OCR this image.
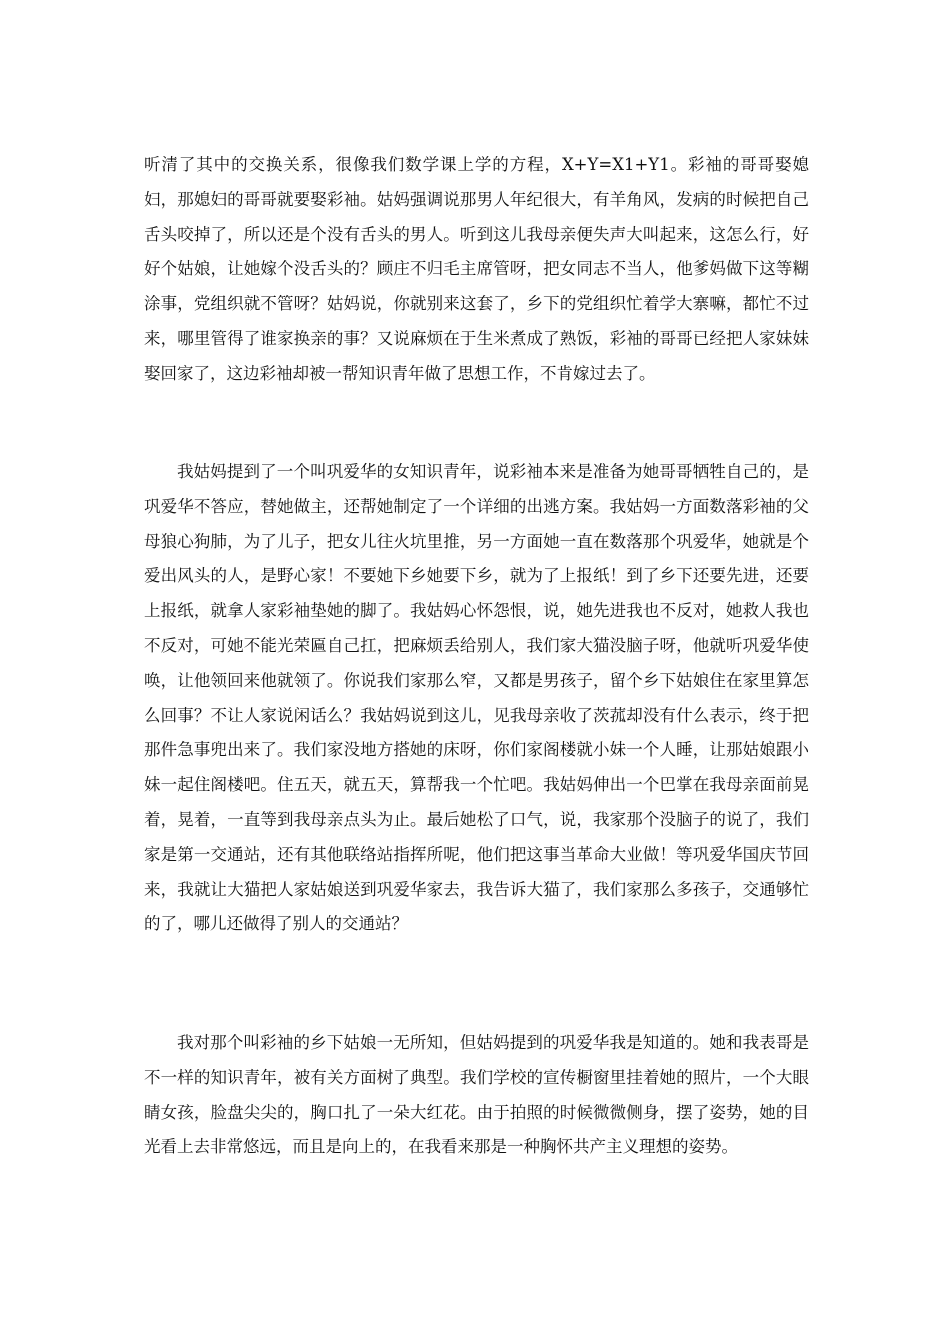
听清了其中的交换关系，很像我们数学课上学的方程，X+Y=X1+Y1。彩袖的哥哥娶媳妇，那媳妇的哥哥就要娶彩袖。姑妈强调说那男人年纪很大，有羊角风，发病的时候把自己舌头咬掉了，所以还是个没有舌头的男人。听到这儿我母亲便失声大叫起来，这怎么行，好好个姑娘，让她嫁个没舌头的？顾庄不归毛主席管呀，把女同志不当人，他爹妈做下这等糊涂事，党组织就不管呀？姑妈说，你就别来这套了，乡下的党组织忙着学大寨嘛，都忙不过来，哪里管得了谁家换亲的事？又说麻烦在于生米煮成了熟饭，彩袖的哥哥已经把人家妹妹娶回家了，这边彩袖却被一帮知识青年做了思想工作，不肯嫁过去了。

我姑妈提到了一个叫巩爱华的女知识青年，说彩袖本来是准备为她哥哥牺牲自己的，是巩爱华不答应，替她做主，还帮她制定了一个详细的出逃方案。我姑妈一方面数落彩袖的父母狼心狗肺，为了儿子，把女儿往火坑里推，另一方面她一直在数落那个巩爱华，她就是个爱出风头的人，是野心家！不要她下乡她要下乡，就为了上报纸！到了乡下还要先进，还要上报纸，就拿人家彩袖垫她的脚了。我姑妈心怀怨恨，说，她先进我也不反对，她救人我也不反对，可她不能光荣匾自己扛，把麻烦丢给别人，我们家大猫没脑子呀，他就听巩爱华使唤，让他领回来他就领了。你说我们家那么窄，又都是男孩子，留个乡下姑娘住在家里算怎么回事？不让人家说闲话么？我姑妈说到这儿，见我母亲收了茨菰却没有什么表示，终于把那件急事兜出来了。我们家没地方搭她的床呀，你们家阁楼就小妹一个人睡，让那姑娘跟小妹一起住阁楼吧。住五天，就五天，算帮我一个忙吧。我姑妈伸出一个巴掌在我母亲面前晃着，晃着，一直等到我母亲点头为止。最后她松了口气，说，我家那个没脑子的说了，我们家是第一交通站，还有其他联络站指挥所呢，他们把这事当革命大业做！等巩爱华国庆节回来，我就让大猫把人家姑娘送到巩爱华家去，我告诉大猫了，我们家那么多孩子，交通够忙的了，哪儿还做得了别人的交通站？

我对那个叫彩袖的乡下姑娘一无所知，但姑妈提到的巩爱华我是知道的。她和我表哥是不一样的知识青年，被有关方面树了典型。我们学校的宣传橱窗里挂着她的照片，一个大眼睛女孩，脸盘尖尖的，胸口扎了一朵大红花。由于拍照的时候微微侧身，摆了姿势，她的目光看上去非常悠远，而且是向上的，在我看来那是一种胸怀共产主义理想的姿势。
